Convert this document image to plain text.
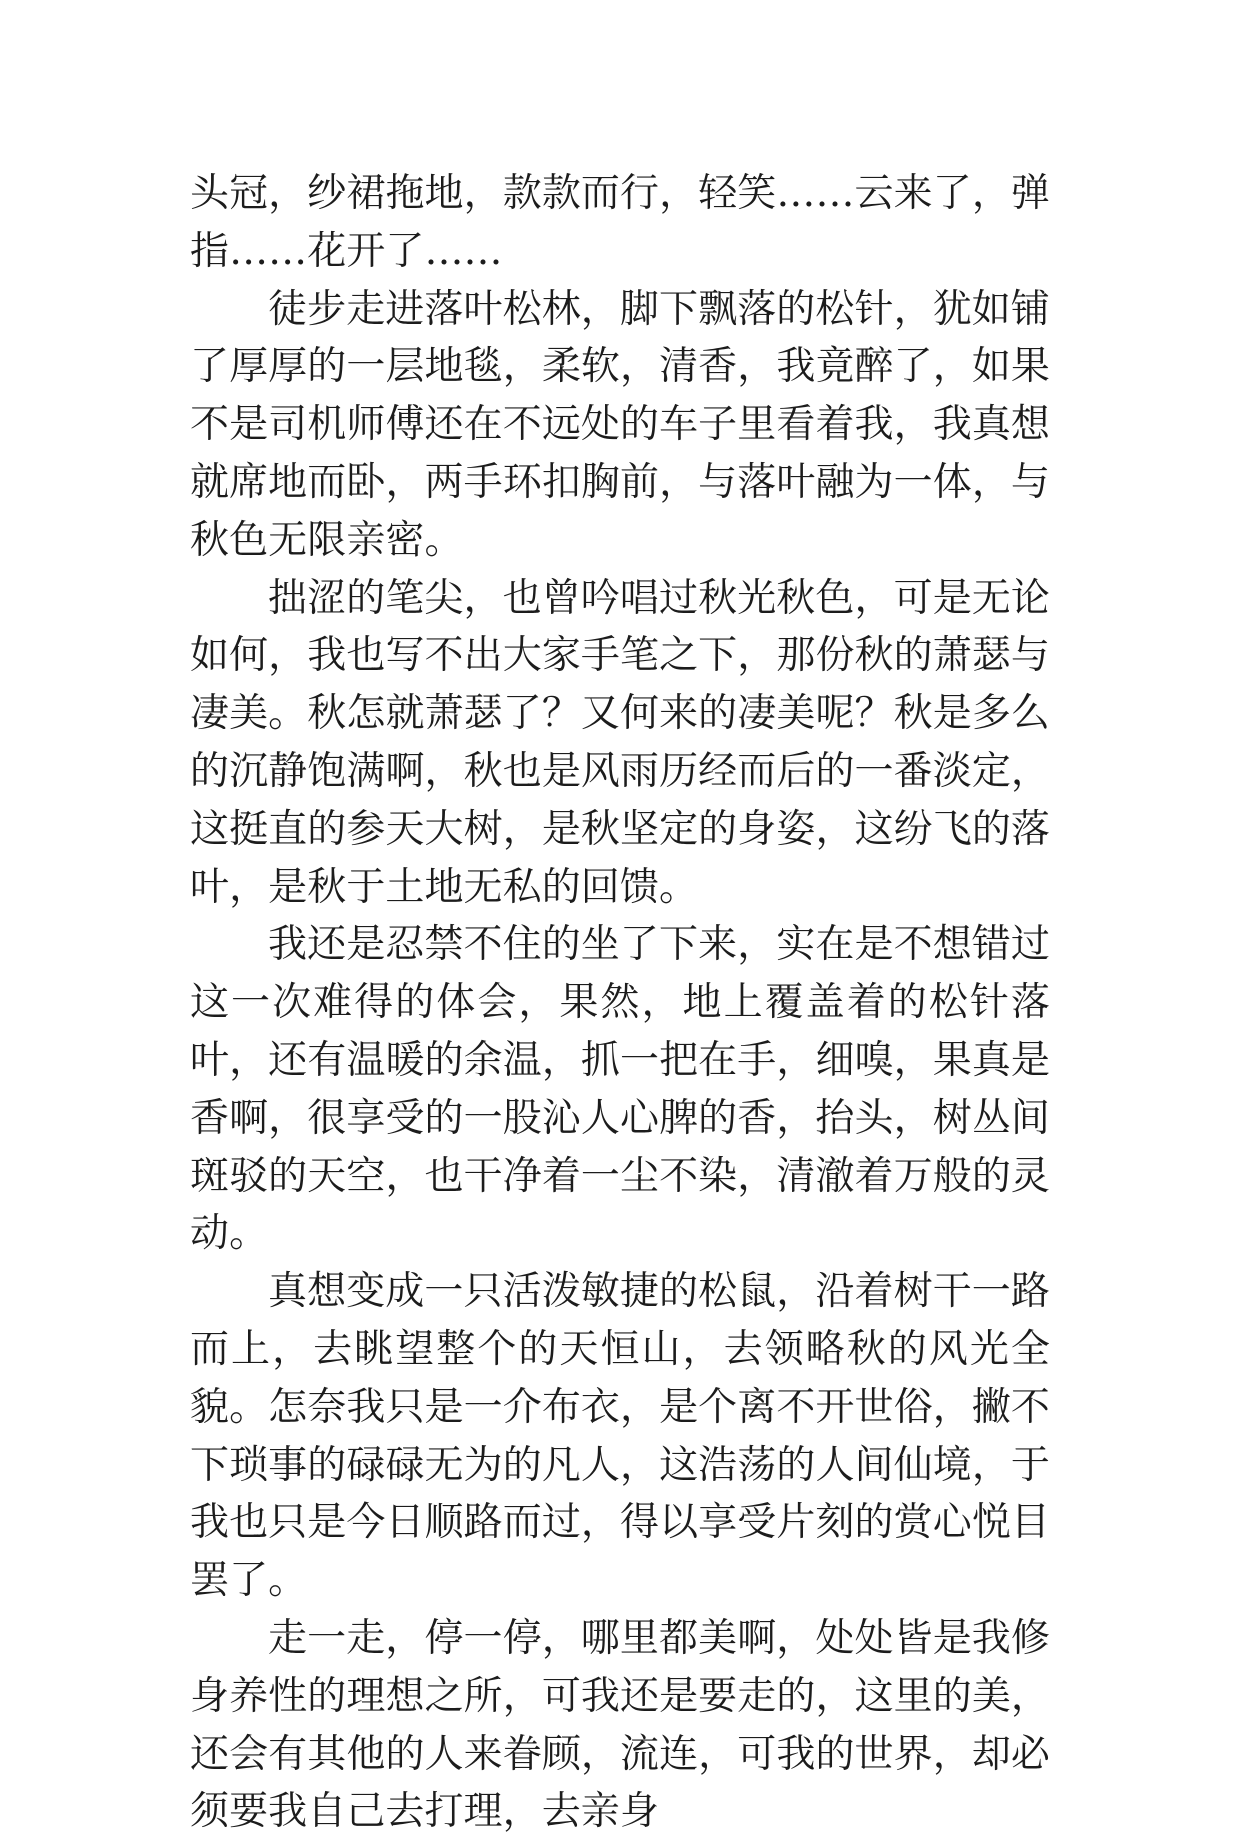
头冠，纱裙拖地，款款而行，轻笑……云来了，弹指……花开了……

徒步走进落叶松林，脚下飘落的松针，犹如铺了厚厚的一层地毯，柔软，清香，我竟醉了，如果不是司机师傅还在不远处的车子里看着我，我真想就席地而卧，两手环扣胸前，与落叶融为一体，与秋色无限亲密。

拙涩的笔尖，也曾吟唱过秋光秋色，可是无论如何，我也写不出大家手笔之下，那份秋的萧瑟与凄美。秋怎就萧瑟了？又何来的凄美呢？秋是多么的沉静饱满啊，秋也是风雨历经而后的一番淡定，这挺直的参天大树，是秋坚定的身姿，这纷飞的落叶，是秋于土地无私的回馈。

我还是忍禁不住的坐了下来，实在是不想错过这一次难得的体会，果然，地上覆盖着的松针落叶，还有温暖的余温，抓一把在手，细嗅，果真是香啊，很享受的一股沁人心脾的香，抬头，树丛间斑驳的天空，也干净着一尘不染，清澈着万般的灵动。

真想变成一只活泼敏捷的松鼠，沿着树干一路而上，去眺望整个的天恒山，去领略秋的风光全貌。怎奈我只是一介布衣，是个离不开世俗，撇不下琐事的碌碌无为的凡人，这浩荡的人间仙境，于我也只是今日顺路而过，得以享受片刻的赏心悦目罢了。

走一走，停一停，哪里都美啊，处处皆是我修身养性的理想之所，可我还是要走的，这里的美，还会有其他的人来眷顾，流连，可我的世界，却必须要我自己去打理，去亲身
